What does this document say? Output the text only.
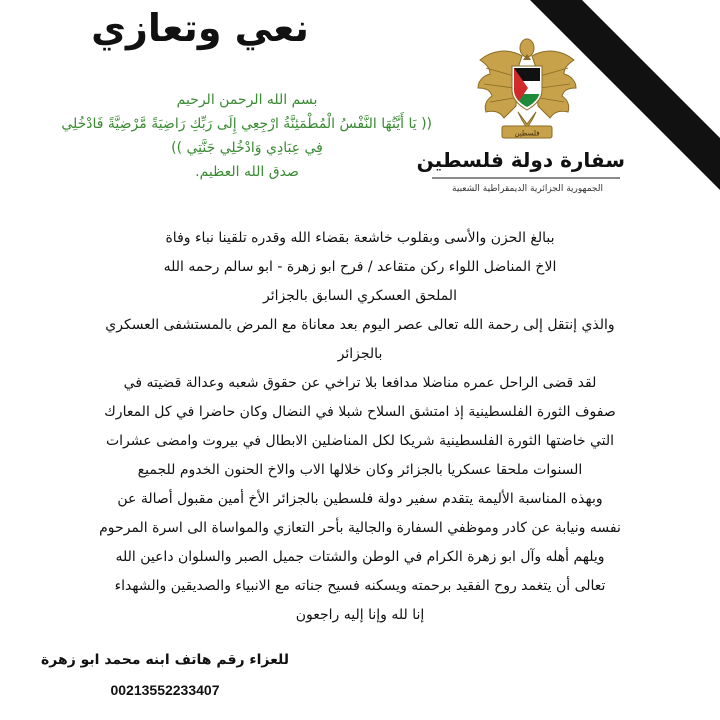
نعي وتعازي
بسم الله الرحمن الرحيم
(( يَا أَيَّتُهَا النَّفْسُ الْمُطْمَئِنَّةُ ارْجِعِي إِلَى رَبِّكِ رَاضِيَةً مَّرْضِيَّةً فَادْخُلِي
فِي عِبَادِي وَادْخُلِي جَنَّتِي ))
صدق الله العظيم.
فلسطين
سفارة دولة فلسطين
الجمهورية الجزائرية الديمقراطية الشعبية
ببالغ الحزن والأسى وبقلوب خاشعة بقضاء الله وقدره تلقينا نباء وفاة
الاخ المناضل اللواء ركن متقاعد / فرح ابو زهرة - ابو سالم رحمه الله
الملحق العسكري السابق بالجزائر
والذي إنتقل إلى رحمة الله تعالى عصر اليوم بعد معاناة مع المرض بالمستشفى العسكري
بالجزائر
لقد قضى الراحل عمره مناضلا مدافعا بلا تراخي عن حقوق شعبه وعدالة قضيته في
صفوف الثورة الفلسطينية إذ امتشق السلاح شبلا في النضال وكان حاضرا في كل المعارك
التي خاضتها الثورة الفلسطينية شريكا لكل المناضلين الابطال في بيروت وامضى عشرات
السنوات ملحقا عسكريا بالجزائر وكان خلالها الاب والاخ الحنون الخدوم للجميع
وبهذه المناسبة الأليمة يتقدم سفير دولة فلسطين بالجزائر الأخ أمين مقبول أصالة عن
نفسه ونيابة عن كادر وموظفي السفارة والجالية بأحر التعازي والمواساة الى اسرة المرحوم
ويلهم أهله وآل ابو زهرة الكرام في الوطن والشتات جميل الصبر والسلوان داعين الله
تعالى أن يتغمد روح الفقيد برحمته ويسكنه فسيح جناته مع الانبياء والصديقين والشهداء
إنا لله وإنا إليه راجعون
للعزاء رقم هاتف ابنه محمد ابو زهرة
00213552233407
